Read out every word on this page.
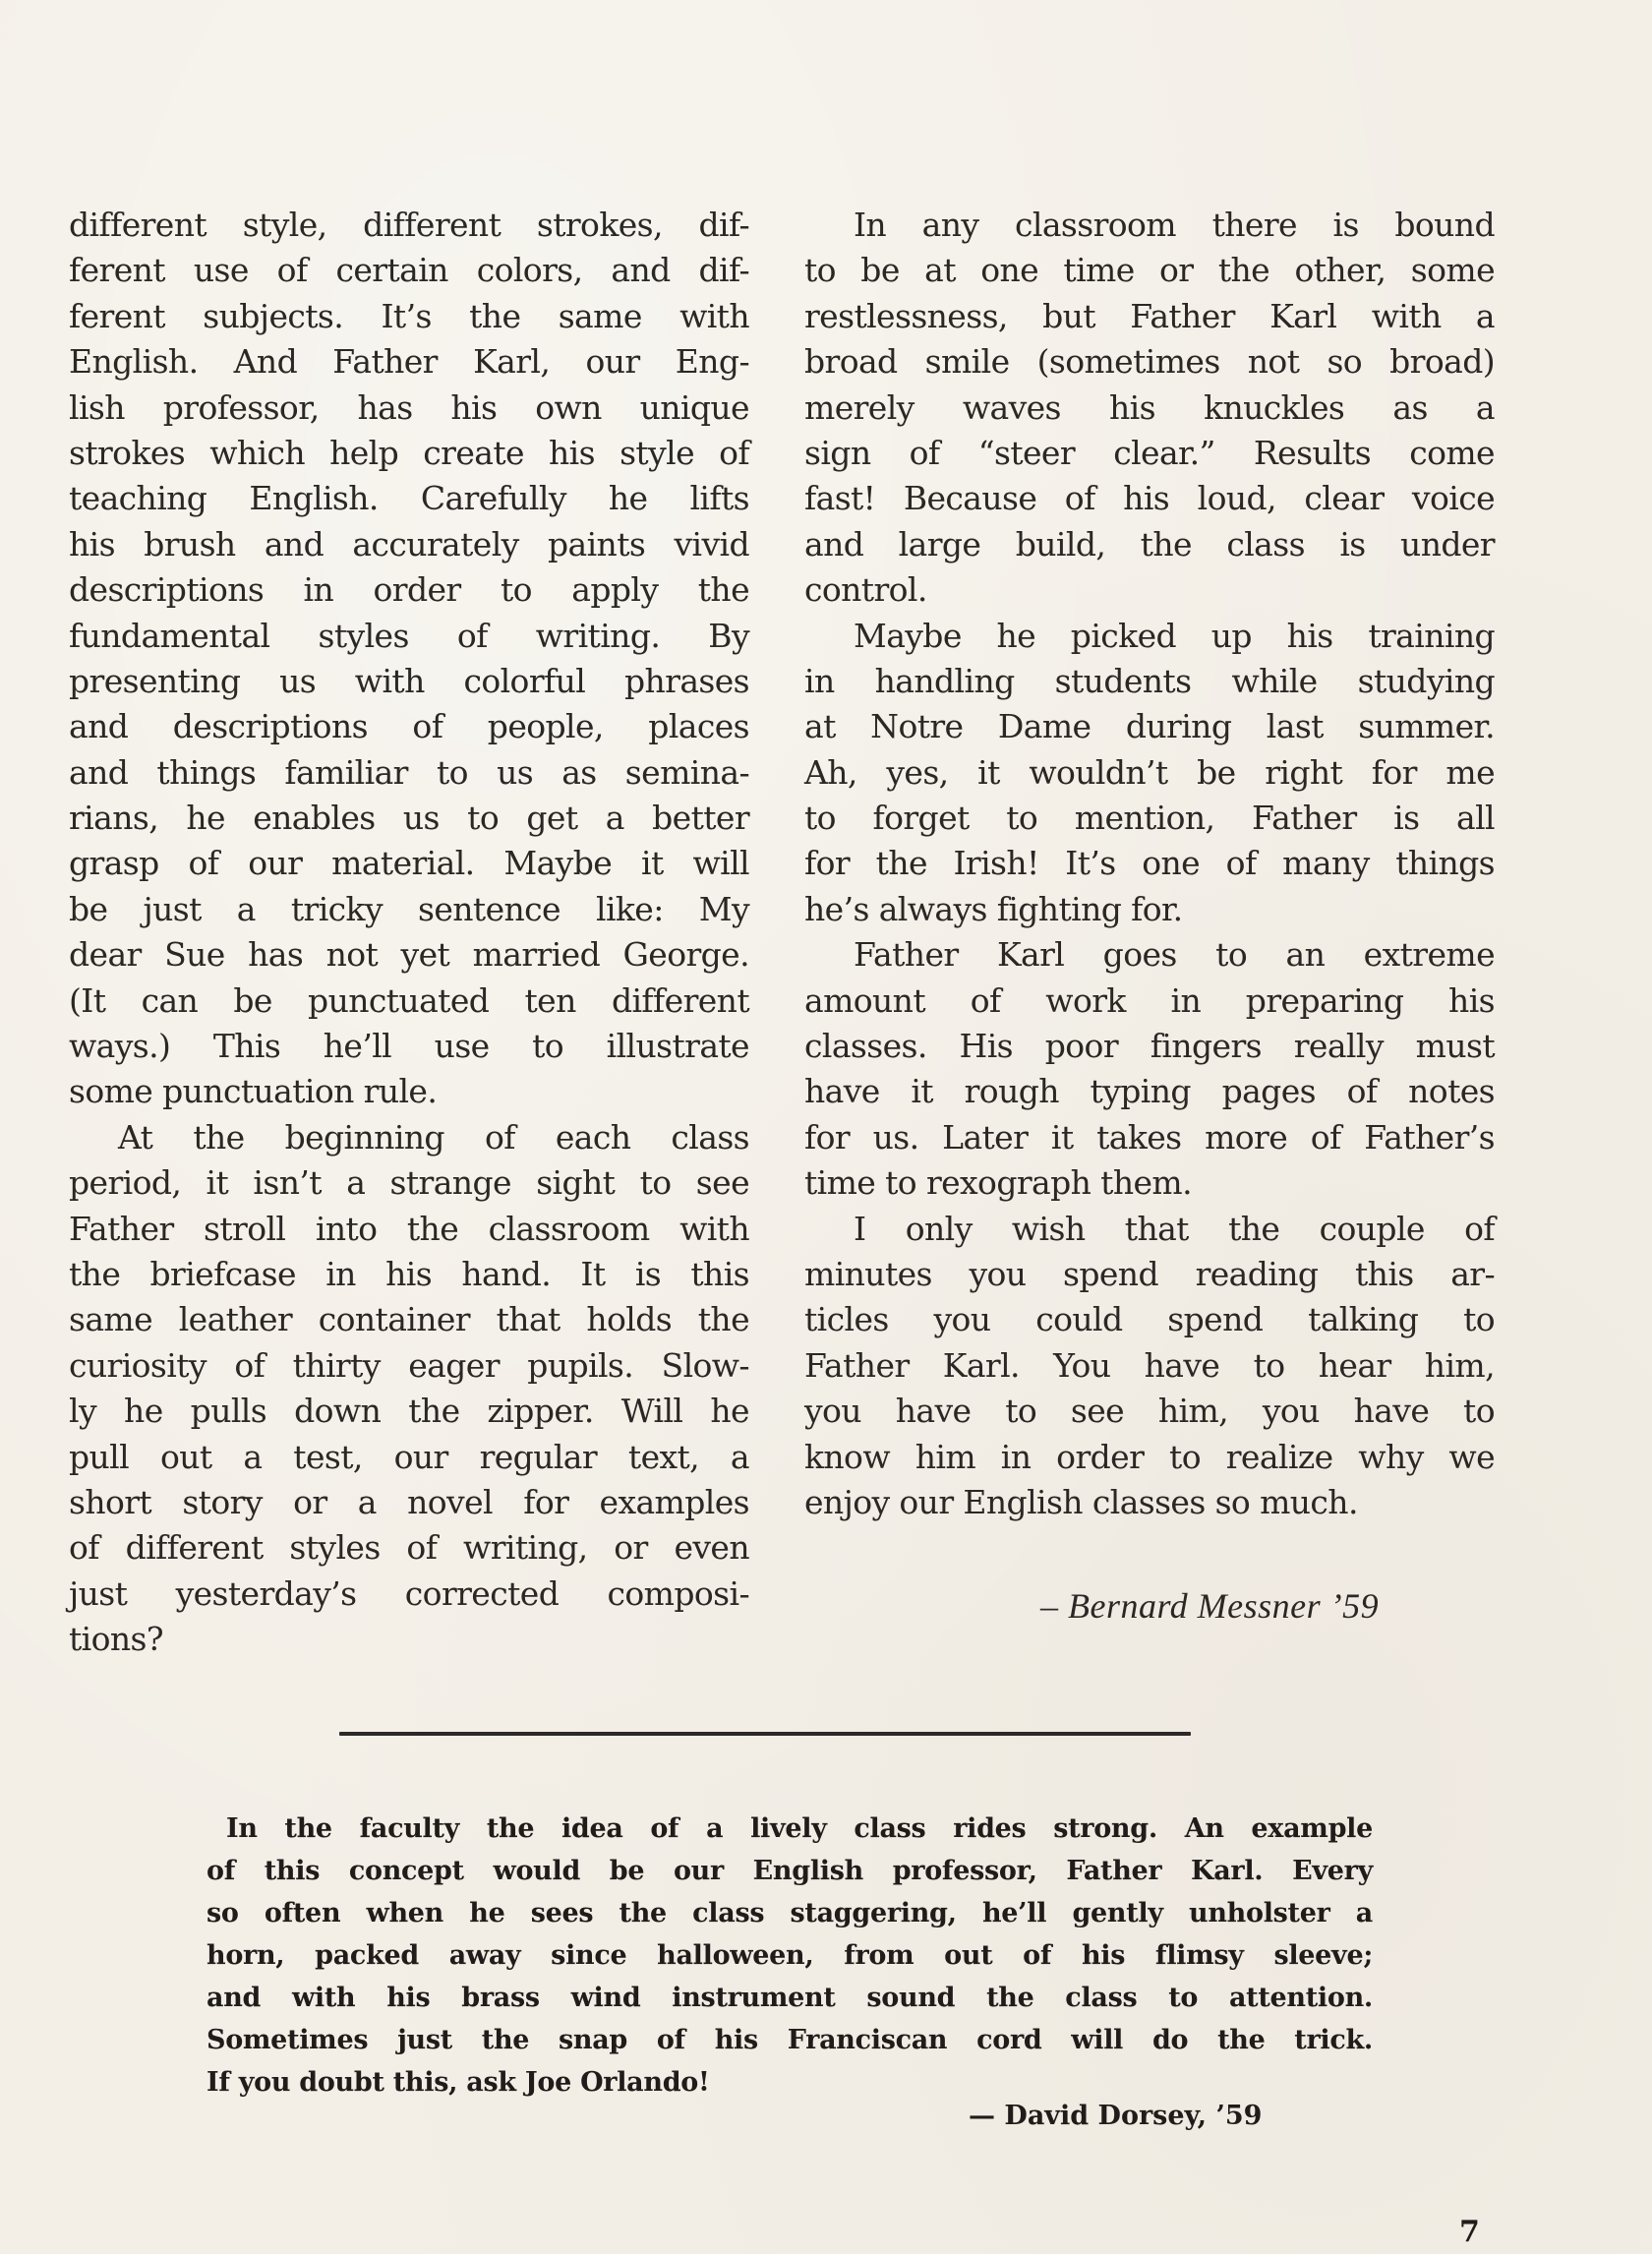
different style, different strokes, dif-
ferent use of certain colors, and dif-
ferent subjects. It’s the same with
English. And Father Karl, our Eng-
lish professor, has his own unique
strokes which help create his style of
teaching English. Carefully he lifts
his brush and accurately paints vivid
descriptions in order to apply the
fundamental styles of writing. By
presenting us with colorful phrases
and descriptions of people, places
and things familiar to us as semina-
rians, he enables us to get a better
grasp of our material. Maybe it will
be just a tricky sentence like: My
dear Sue has not yet married George.
(It can be punctuated ten different
ways.) This he’ll use to illustrate
some punctuation rule.
At the beginning of each class
period, it isn’t a strange sight to see
Father stroll into the classroom with
the briefcase in his hand. It is this
same leather container that holds the
curiosity of thirty eager pupils. Slow-
ly he pulls down the zipper. Will he
pull out a test, our regular text, a
short story or a novel for examples
of different styles of writing, or even
just yesterday’s corrected composi-
tions?
In any classroom there is bound
to be at one time or the other, some
restlessness, but Father Karl with a
broad smile (sometimes not so broad)
merely waves his knuckles as a
sign of “steer clear.” Results come
fast! Because of his loud, clear voice
and large build, the class is under
control.
Maybe he picked up his training
in handling students while studying
at Notre Dame during last summer.
Ah, yes, it wouldn’t be right for me
to forget to mention, Father is all
for the Irish! It’s one of many things
he’s always fighting for.
Father Karl goes to an extreme
amount of work in preparing his
classes. His poor fingers really must
have it rough typing pages of notes
for us. Later it takes more of Father’s
time to rexograph them.
I only wish that the couple of
minutes you spend reading this ar-
ticles you could spend talking to
Father Karl. You have to hear him,
you have to see him, you have to
know him in order to realize why we
enjoy our English classes so much.
– Bernard Messner ’59
In the faculty the idea of a lively class rides strong. An example
of this concept would be our English professor, Father Karl. Every
so often when he sees the class staggering, he’ll gently unholster a
horn, packed away since halloween, from out of his flimsy sleeve;
and with his brass wind instrument sound the class to attention.
Sometimes just the snap of his Franciscan cord will do the trick.
If you doubt this, ask Joe Orlando!
— David Dorsey, ’59
7
